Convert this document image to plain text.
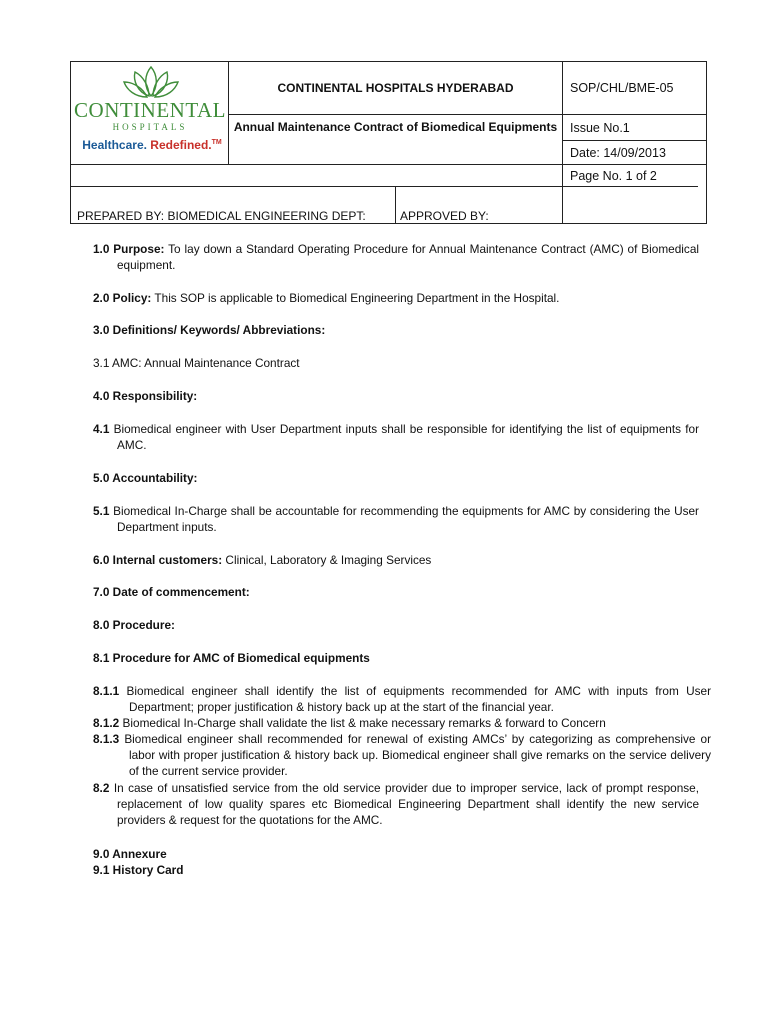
CONTINENTAL
HOSPITALS
Healthcare. Redefined.™	CONTINENTAL HOSPITALS HYDERABAD	SOP/CHL/BME-05
	Annual Maintenance Contract of Biomedical Equipments	Issue No.1
		Date: 14/09/2013
		Page No. 1 of 2
PREPARED BY: BIOMEDICAL ENGINEERING DEPT:	APPROVED BY:

1.0 Purpose: To lay down a Standard Operating Procedure for Annual Maintenance Contract (AMC) of Biomedical equipment.

2.0 Policy: This SOP is applicable to Biomedical Engineering Department in the Hospital.

3.0 Definitions/ Keywords/ Abbreviations:

3.1 AMC: Annual Maintenance Contract

4.0 Responsibility:

4.1 Biomedical engineer with User Department inputs shall be responsible for identifying the list of equipments for AMC.

5.0 Accountability:

5.1 Biomedical In-Charge shall be accountable for recommending the equipments for AMC by considering the User Department inputs.

6.0 Internal customers: Clinical, Laboratory & Imaging Services

7.0 Date of commencement:

8.0 Procedure:

8.1 Procedure for AMC of Biomedical equipments

8.1.1 Biomedical engineer shall identify the list of equipments recommended for AMC with inputs from User Department; proper justification & history back up at the start of the financial year.

8.1.2 Biomedical In-Charge shall validate the list & make necessary remarks & forward to Concern

8.1.3 Biomedical engineer shall recommended for renewal of existing AMCs’ by categorizing as comprehensive or labor with proper justification & history back up. Biomedical engineer shall give remarks on the service delivery of the current service provider.

8.2 In case of unsatisfied service from the old service provider due to improper service, lack of prompt response, replacement of low quality spares etc Biomedical Engineering Department shall identify the new service providers & request for the quotations for the AMC.

9.0 Annexure

9.1 History Card
